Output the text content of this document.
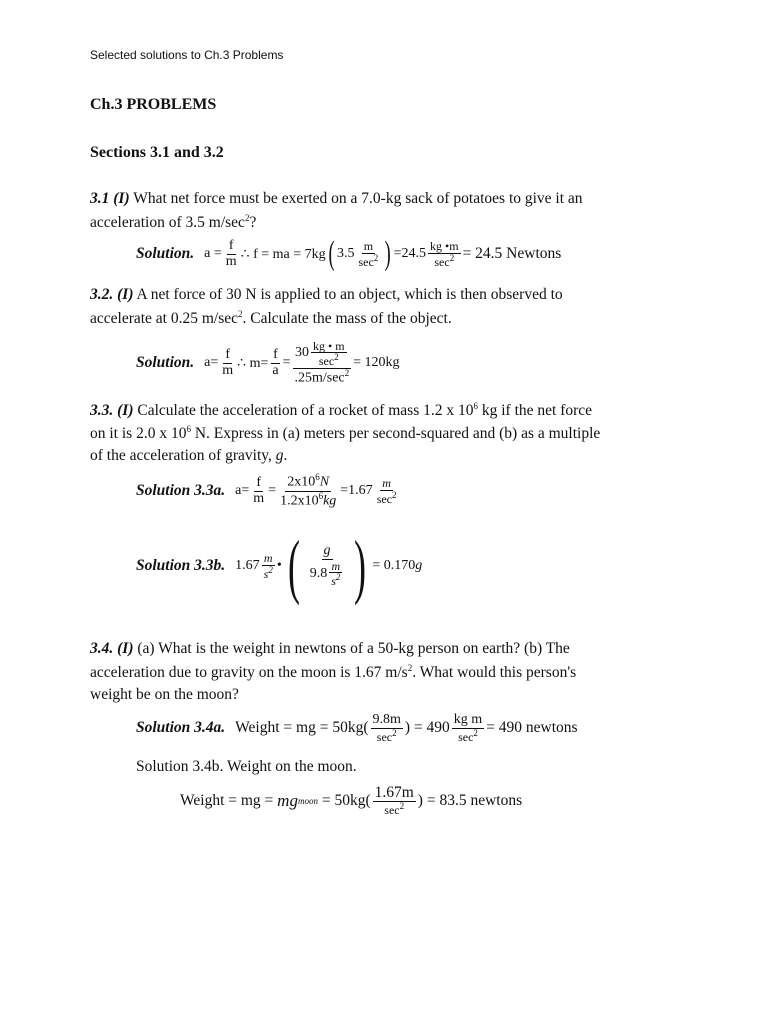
Selected solutions to Ch.3 Problems
Ch.3 PROBLEMS
Sections 3.1 and 3.2
3.1 (I) What net force must be exerted on a 7.0-kg sack of potatoes to give it an
acceleration of 3.5 $m/\sec^2$?
Solution. $a = \frac{f}{m}$ ∴ f = ma = 7kg ( $3.5 \frac{m}{\sec^2}$ ) $=24.5 \frac{kg •m}{\sec^2} = 24.5$ Newtons
3.2. (I) A net force of 30 N is applied to an object, which is then observed to
accelerate at 0.25 $m/\sec^2$. Calculate the mass of the object.
Solution. $a= \frac{f}{m}$ ∴ $m= \frac{f}{a} = \frac{30 \frac{kg • m}{\sec^2}}{.25m/\sec^2} = 120kg$
3.3. (I) Calculate the acceleration of a rocket of mass 1.2 x $10^6$ kg if the net force
on it is 2.0 x $10^6$ N. Express in (a) meters per second-squared and (b) as a multiple
of the acceleration of gravity, g.
Solution 3.3a. $a= \frac{f}{m} = \frac{2x10^6N}{1.2x10^6kg} =1.67 \frac{m}{\sec^2}$
Solution 3.3b. $1.67 \frac{m}{s^2}$ • ( $\frac{g}{9.8 \frac{m}{s^2}}$ ) = 0.170 g
3.4. (I) (a) What is the weight in newtons of a 50-kg person on earth? (b) The
acceleration due to gravity on the moon is 1.67 $m/s^2$. What would this person's
weight be on the moon?
Solution 3.4a. Weight = mg = $50kg( \frac{9.8m}{\sec^2}$ ) = $490 \frac{\text{kg m}}{\sec^2} = 490$ newtons
Solution 3.4b. Weight on the moon.
Weight = mg = mg moon = $50kg( \frac{1.67m}{\sec^2}$ ) = 83.5 newtons
